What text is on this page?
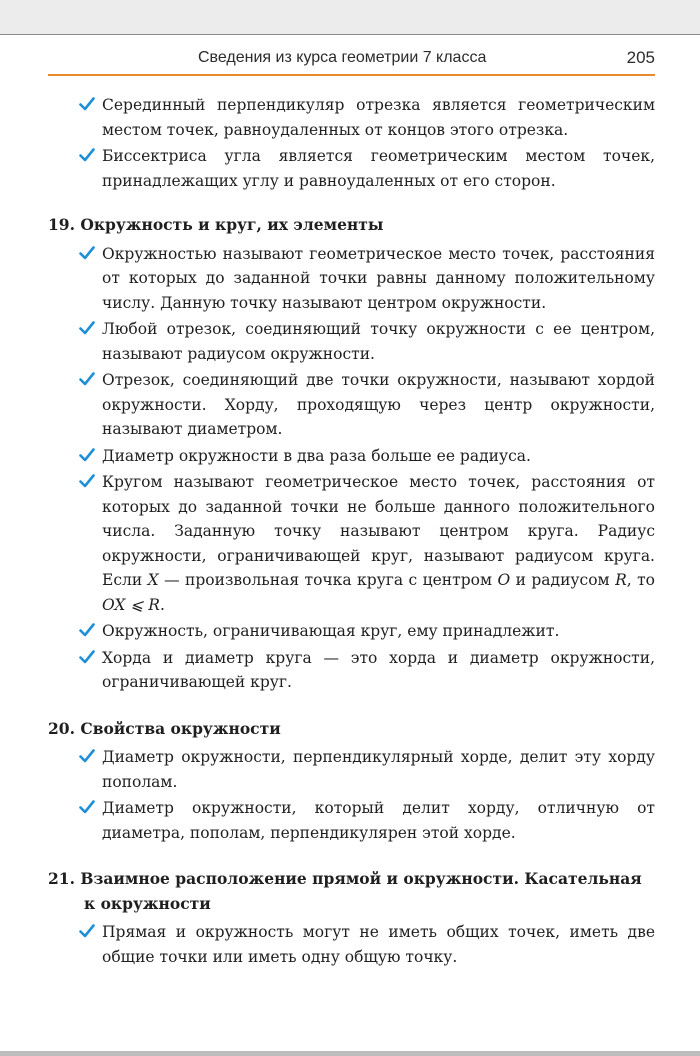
Сведения из курса геометрии 7 класса	205
Серединный перпендикуляр отрезка является геометрическим местом точек, равноудаленных от концов этого отрезка.
Биссектриса угла является геометрическим местом точек, принадлежащих углу и равноудаленных от его сторон.
19. Окружность и круг, их элементы
Окружностью называют геометрическое место точек, расстояния от которых до заданной точки равны данному положительному числу. Данную точку называют центром окружности.
Любой отрезок, соединяющий точку окружности с ее центром, называют радиусом окружности.
Отрезок, соединяющий две точки окружности, называют хордой окружности. Хорду, проходящую через центр окружности, называют диаметром.
Диаметр окружности в два раза больше ее радиуса.
Кругом называют геометрическое место точек, расстояния от которых до заданной точки не больше данного положительного числа. Заданную точку называют центром круга. Радиус окружности, ограничивающей круг, называют радиусом круга. Если X — произвольная точка круга с центром O и радиусом R, то OX ⩽ R.
Окружность, ограничивающая круг, ему принадлежит.
Хорда и диаметр круга — это хорда и диаметр окружности, ограничивающей круг.
20. Свойства окружности
Диаметр окружности, перпендикулярный хорде, делит эту хорду пополам.
Диаметр окружности, который делит хорду, отличную от диаметра, пополам, перпендикулярен этой хорде.
21. Взаимное расположение прямой и окружности. Касательная к окружности
Прямая и окружность могут не иметь общих точек, иметь две общие точки или иметь одну общую точку.
